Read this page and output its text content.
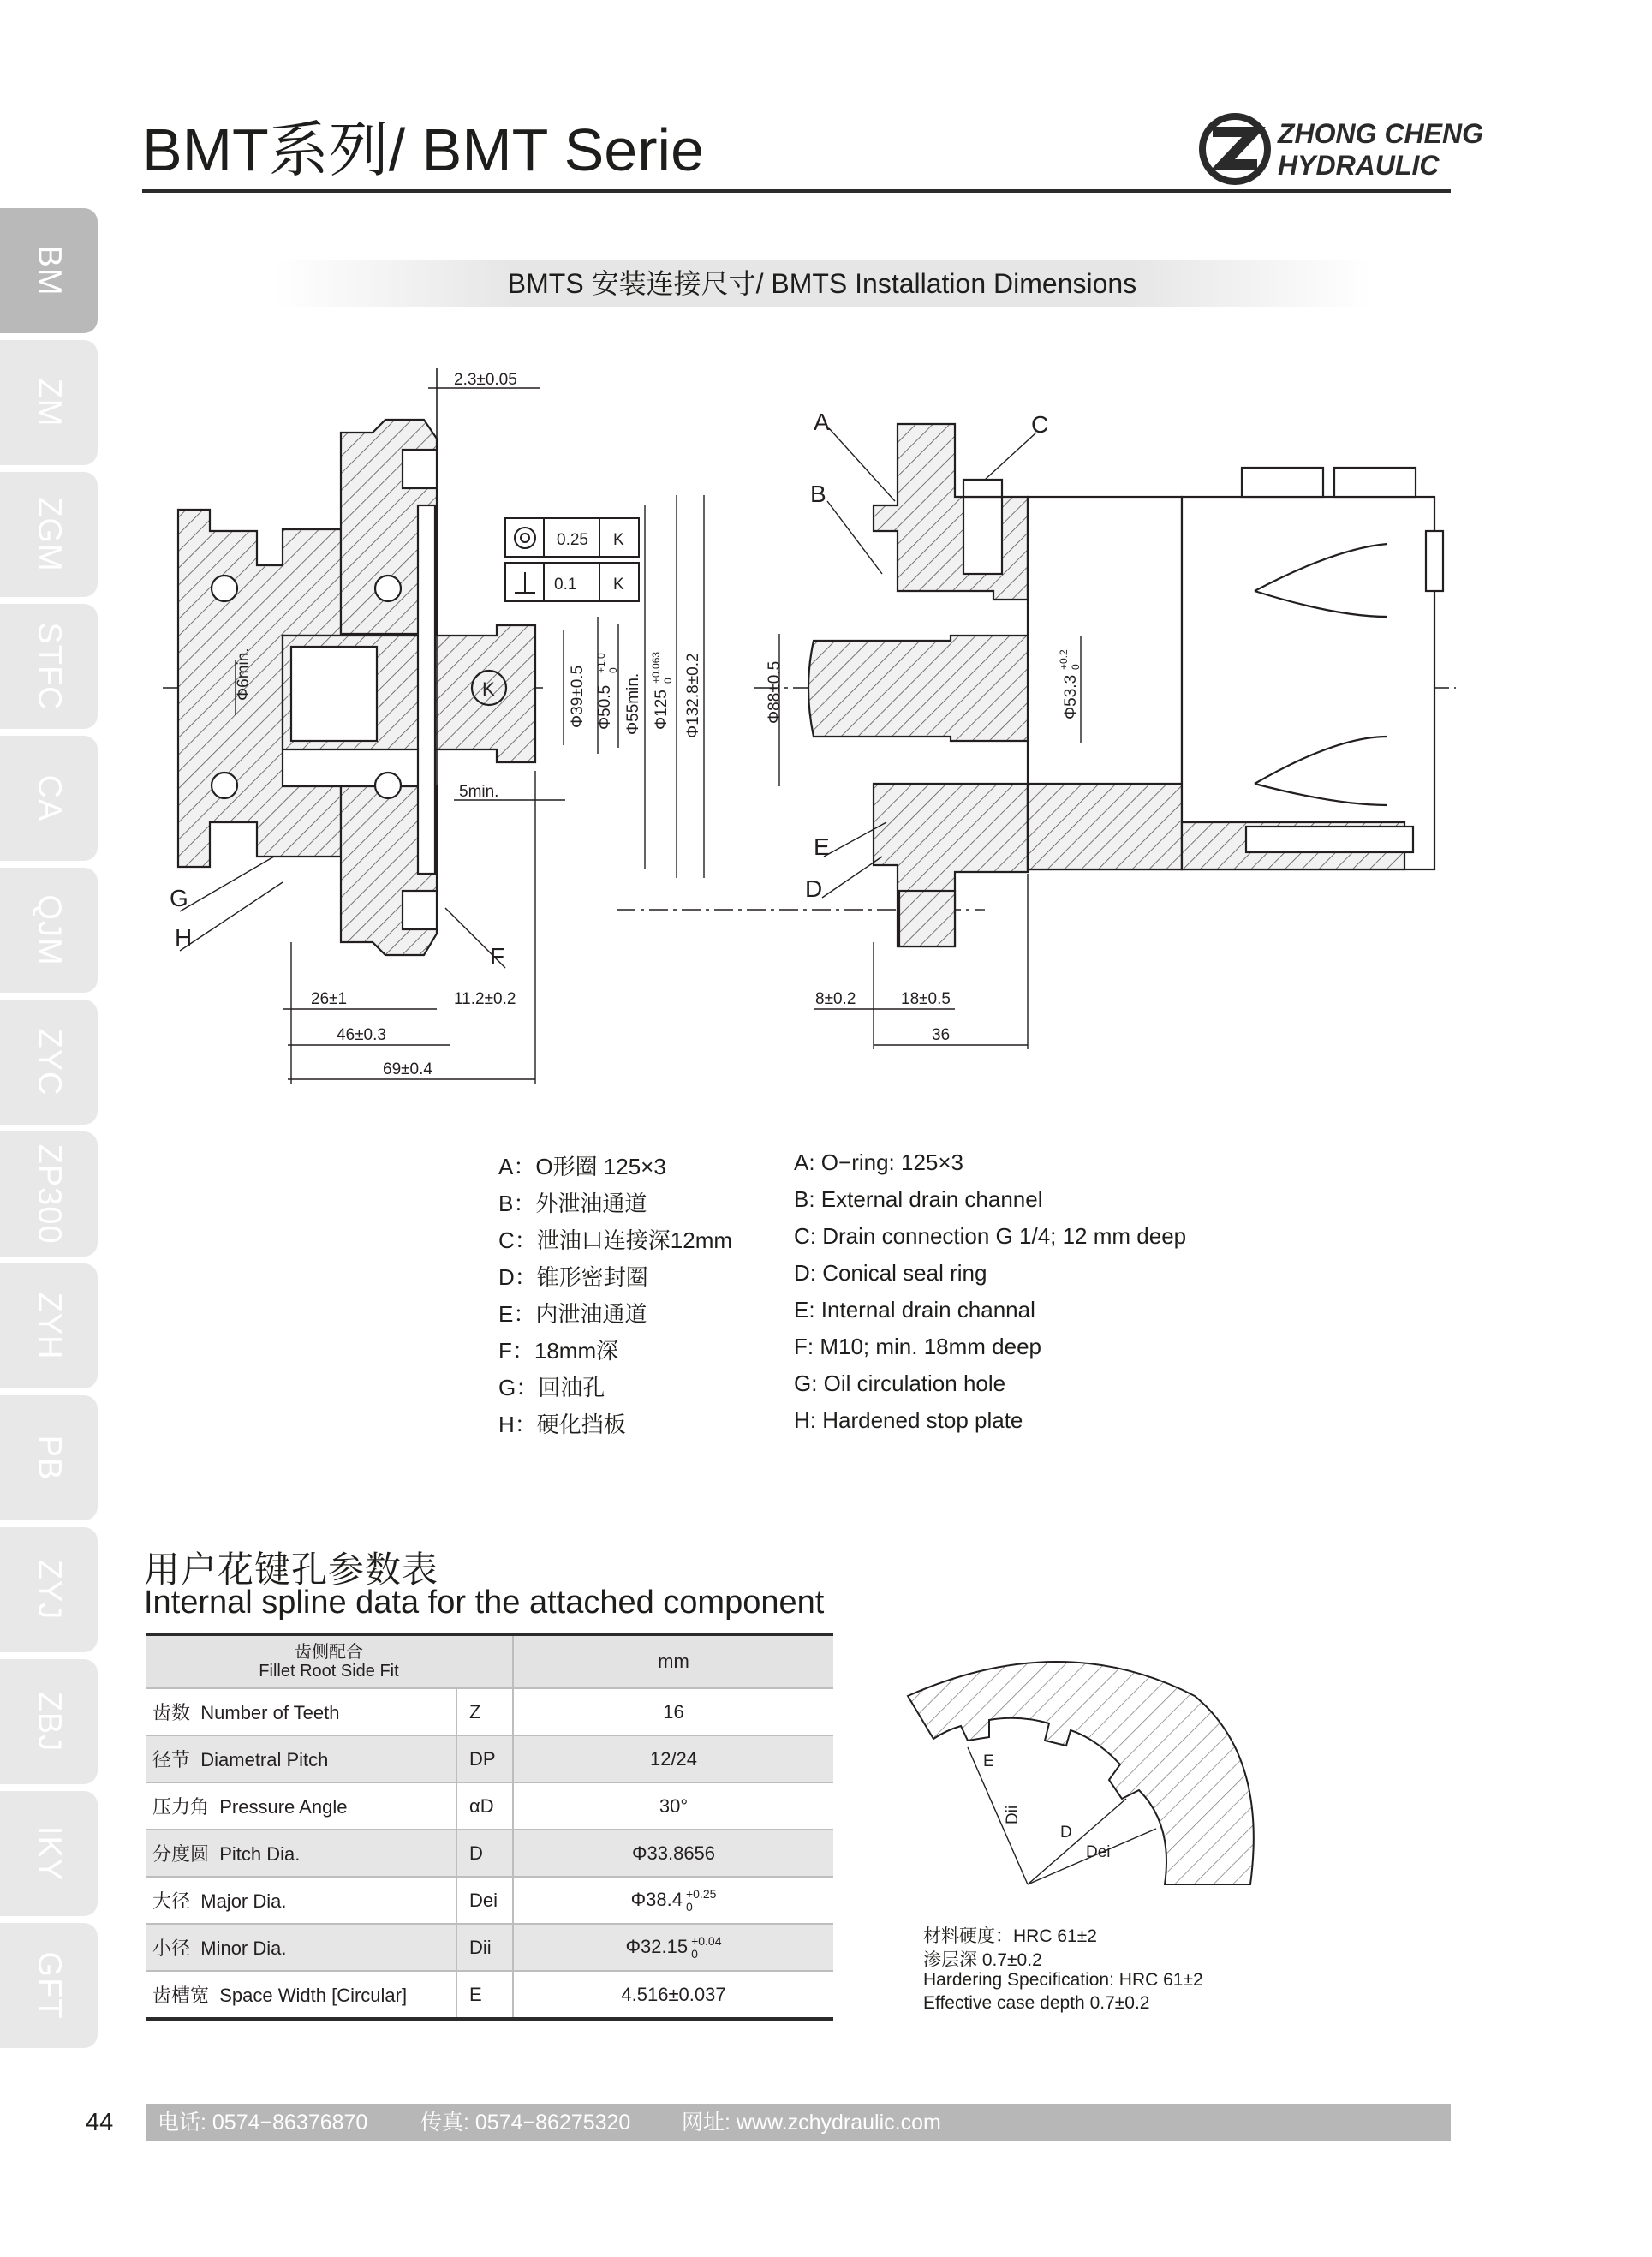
BM
ZM
ZGM
STFC
CA
QJM
ZYC
ZP300
ZYH
PB
ZYJ
ZBJ
IKY
GFT
BMT系列/ BMT Serie	ZHONG CHENG
HYDRAULIC
BMTS 安装连接尺寸/ BMTS Installation Dimensions
K
0.25 K
0.1 K
2.3±0.05
Φ6min.	Φ39±0.5 Φ50.5
+1.0 0
Φ55min. Φ125
+0.063 0 Φ132.8±0.2
5min.
26±1	11.2±0.2
46±0.3
69±0.4
G
H
F
Φ88±0.5	Φ53.3
+0.2 0
8±0.2	18±0.5
36
A
B
C
E
D
A：O形圈 125×3	A: O−ring: 125×3
B：外泄油通道	B: External drain channel
C：泄油口连接深12mm	C: Drain connection G 1/4; 12 mm deep
D：锥形密封圈	D: Conical seal ring
E：内泄油通道	E: Internal drain channal
F：18mm深	F: M10; min. 18mm deep
G：回油孔	G: Oil circulation hole
H：硬化挡板	H: Hardened stop plate
用户花键孔参数表
Internal spline data for the attached component
齿侧配合
Fillet Root Side Fit		mm
齿数 Number of Teeth	Z	16
径节 Diametral Pitch	DP	12/24
压力角 Pressure Angle	αD	30°
分度圆 Pitch Dia.	D	Φ33.8656
大径 Major Dia.	Dei	Φ38.4 +0.25
0

小径 Minor Dia.	Dii	Φ32.15 +0.04
0

齿槽宽 Space Width [Circular]	E	4.516±0.037
E
Dii
D
Dei
材料硬度：HRC 61±2
渗层深 0.7±0.2
Hardering Specification: HRC 61±2
Effective case depth 0.7±0.2
44 电话: 0574−86376870 传真: 0574−86275320 网址: www.zchydraulic.com
